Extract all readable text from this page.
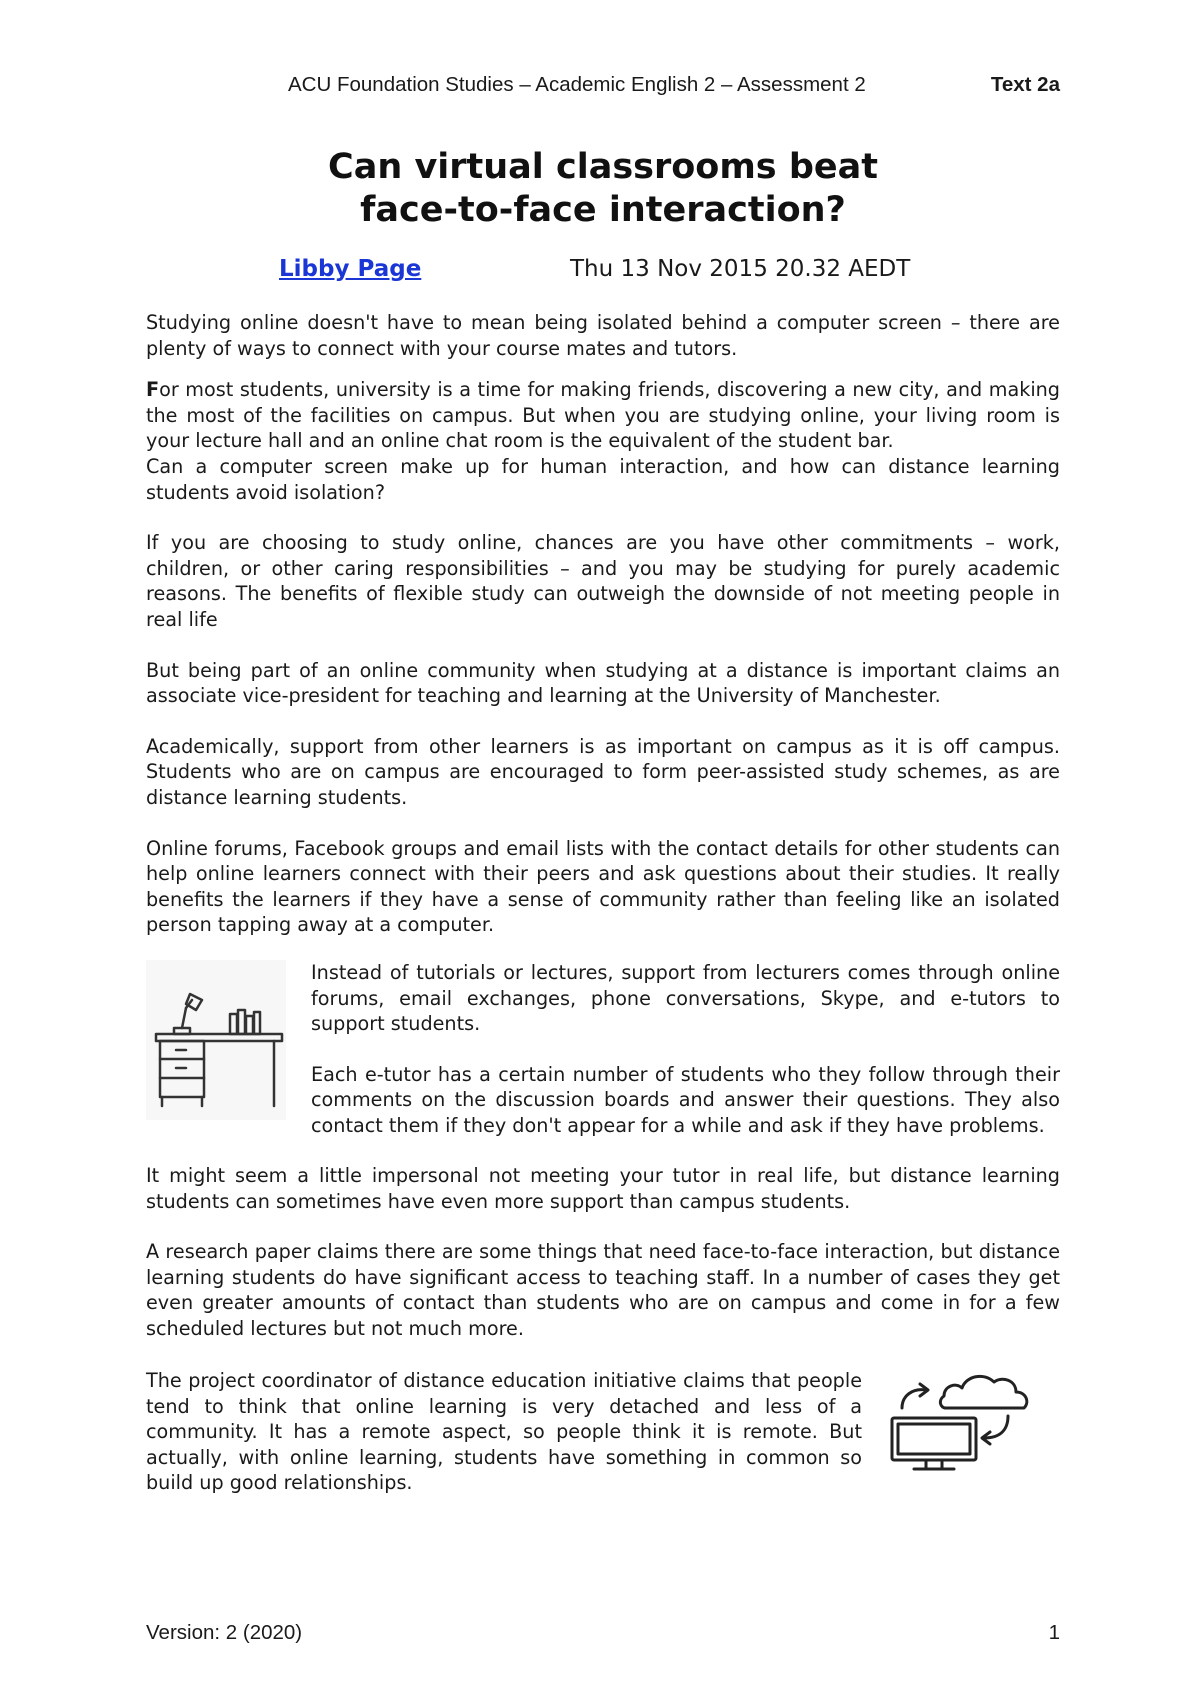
ACU Foundation Studies – Academic English 2 – Assessment 2	Text 2a
Can virtual classrooms beat
face-to-face interaction?
Libby Page	Thu 13 Nov 2015 20.32 AEDT

Studying online doesn't have to mean being isolated behind a computer screen – there are plenty of ways to connect with your course mates and tutors.

For most students, university is a time for making friends, discovering a new city, and making the most of the facilities on campus. But when you are studying online, your living room is your lecture hall and an online chat room is the equivalent of the student bar.

Can a computer screen make up for human interaction, and how can distance learning students avoid isolation?

If you are choosing to study online, chances are you have other commitments – work, children, or other caring responsibilities – and you may be studying for purely academic reasons. The benefits of flexible study can outweigh the downside of not meeting people in real life

But being part of an online community when studying at a distance is important claims an associate vice-president for teaching and learning at the University of Manchester.

Academically, support from other learners is as important on campus as it is off campus. Students who are on campus are encouraged to form peer-assisted study schemes, as are distance learning students.

Online forums, Facebook groups and email lists with the contact details for other students can help online learners connect with their peers and ask questions about their studies. It really benefits the learners if they have a sense of community rather than feeling like an isolated person tapping away at a computer.

Instead of tutorials or lectures, support from lecturers comes through online forums, email exchanges, phone conversations, Skype, and e-tutors to support students.

Each e-tutor has a certain number of students who they follow through their comments on the discussion boards and answer their questions. They also contact them if they don't appear for a while and ask if they have problems.

It might seem a little impersonal not meeting your tutor in real life, but distance learning students can sometimes have even more support than campus students.

A research paper claims there are some things that need face-to-face interaction, but distance learning students do have significant access to teaching staff. In a number of cases they get even greater amounts of contact than students who are on campus and come in for a few scheduled lectures but not much more.

The project coordinator of distance education initiative claims that people tend to think that online learning is very detached and less of a community. It has a remote aspect, so people think it is remote. But actually, with online learning, students have something in common so build up good relationships.
Version: 2 (2020)	1
